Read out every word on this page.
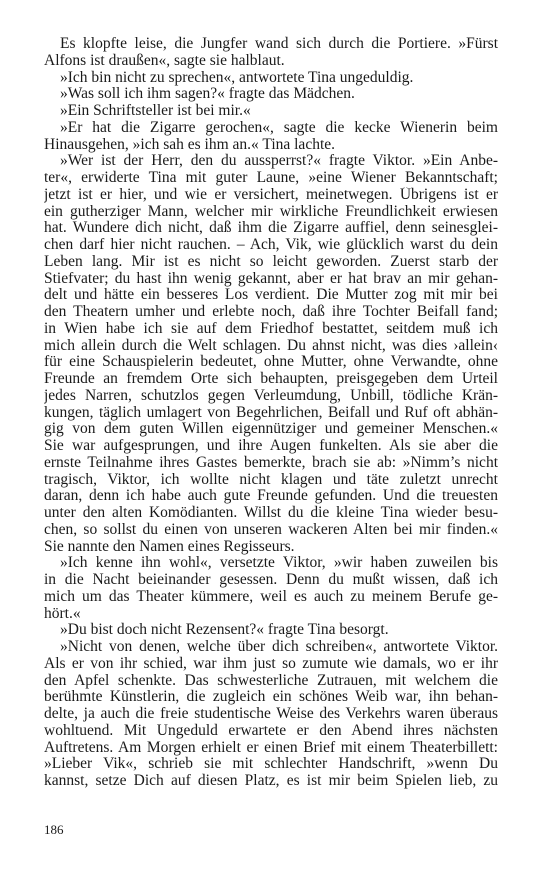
Es klopfte leise, die Jungfer wand sich durch die Portiere. »Fürst
Alfons ist draußen«, sagte sie halblaut.
»Ich bin nicht zu sprechen«, antwortete Tina ungeduldig.
»Was soll ich ihm sagen?« fragte das Mädchen.
»Ein Schriftsteller ist bei mir.«
»Er hat die Zigarre gerochen«, sagte die kecke Wienerin beim
Hinausgehen, »ich sah es ihm an.« Tina lachte.
»Wer ist der Herr, den du aussperrst?« fragte Viktor. »Ein Anbe-
ter«, erwiderte Tina mit guter Laune, »eine Wiener Bekanntschaft;
jetzt ist er hier, und wie er versichert, meinetwegen. Übrigens ist er
ein gutherziger Mann, welcher mir wirkliche Freundlichkeit erwiesen
hat. Wundere dich nicht, daß ihm die Zigarre auffiel, denn seinesglei-
chen darf hier nicht rauchen. – Ach, Vik, wie glücklich warst du dein
Leben lang. Mir ist es nicht so leicht geworden. Zuerst starb der
Stiefvater; du hast ihn wenig gekannt, aber er hat brav an mir gehan-
delt und hätte ein besseres Los verdient. Die Mutter zog mit mir bei
den Theatern umher und erlebte noch, daß ihre Tochter Beifall fand;
in Wien habe ich sie auf dem Friedhof bestattet, seitdem muß ich
mich allein durch die Welt schlagen. Du ahnst nicht, was dies ›allein‹
für eine Schauspielerin bedeutet, ohne Mutter, ohne Verwandte, ohne
Freunde an fremdem Orte sich behaupten, preisgegeben dem Urteil
jedes Narren, schutzlos gegen Verleumdung, Unbill, tödliche Krän-
kungen, täglich umlagert von Begehrlichen, Beifall und Ruf oft abhän-
gig von dem guten Willen eigennütziger und gemeiner Menschen.«
Sie war aufgesprungen, und ihre Augen funkelten. Als sie aber die
ernste Teilnahme ihres Gastes bemerkte, brach sie ab: »Nimm’s nicht
tragisch, Viktor, ich wollte nicht klagen und täte zuletzt unrecht
daran, denn ich habe auch gute Freunde gefunden. Und die treuesten
unter den alten Komödianten. Willst du die kleine Tina wieder besu-
chen, so sollst du einen von unseren wackeren Alten bei mir finden.«
Sie nannte den Namen eines Regisseurs.
»Ich kenne ihn wohl«, versetzte Viktor, »wir haben zuweilen bis
in die Nacht beieinander gesessen. Denn du mußt wissen, daß ich
mich um das Theater kümmere, weil es auch zu meinem Berufe ge-
hört.«
»Du bist doch nicht Rezensent?« fragte Tina besorgt.
»Nicht von denen, welche über dich schreiben«, antwortete Viktor.
Als er von ihr schied, war ihm just so zumute wie damals, wo er ihr
den Apfel schenkte. Das schwesterliche Zutrauen, mit welchem die
berühmte Künstlerin, die zugleich ein schönes Weib war, ihn behan-
delte, ja auch die freie studentische Weise des Verkehrs waren überaus
wohltuend. Mit Ungeduld erwartete er den Abend ihres nächsten
Auftretens. Am Morgen erhielt er einen Brief mit einem Theaterbillett:
»Lieber Vik«, schrieb sie mit schlechter Handschrift, »wenn Du
kannst, setze Dich auf diesen Platz, es ist mir beim Spielen lieb, zu
186
